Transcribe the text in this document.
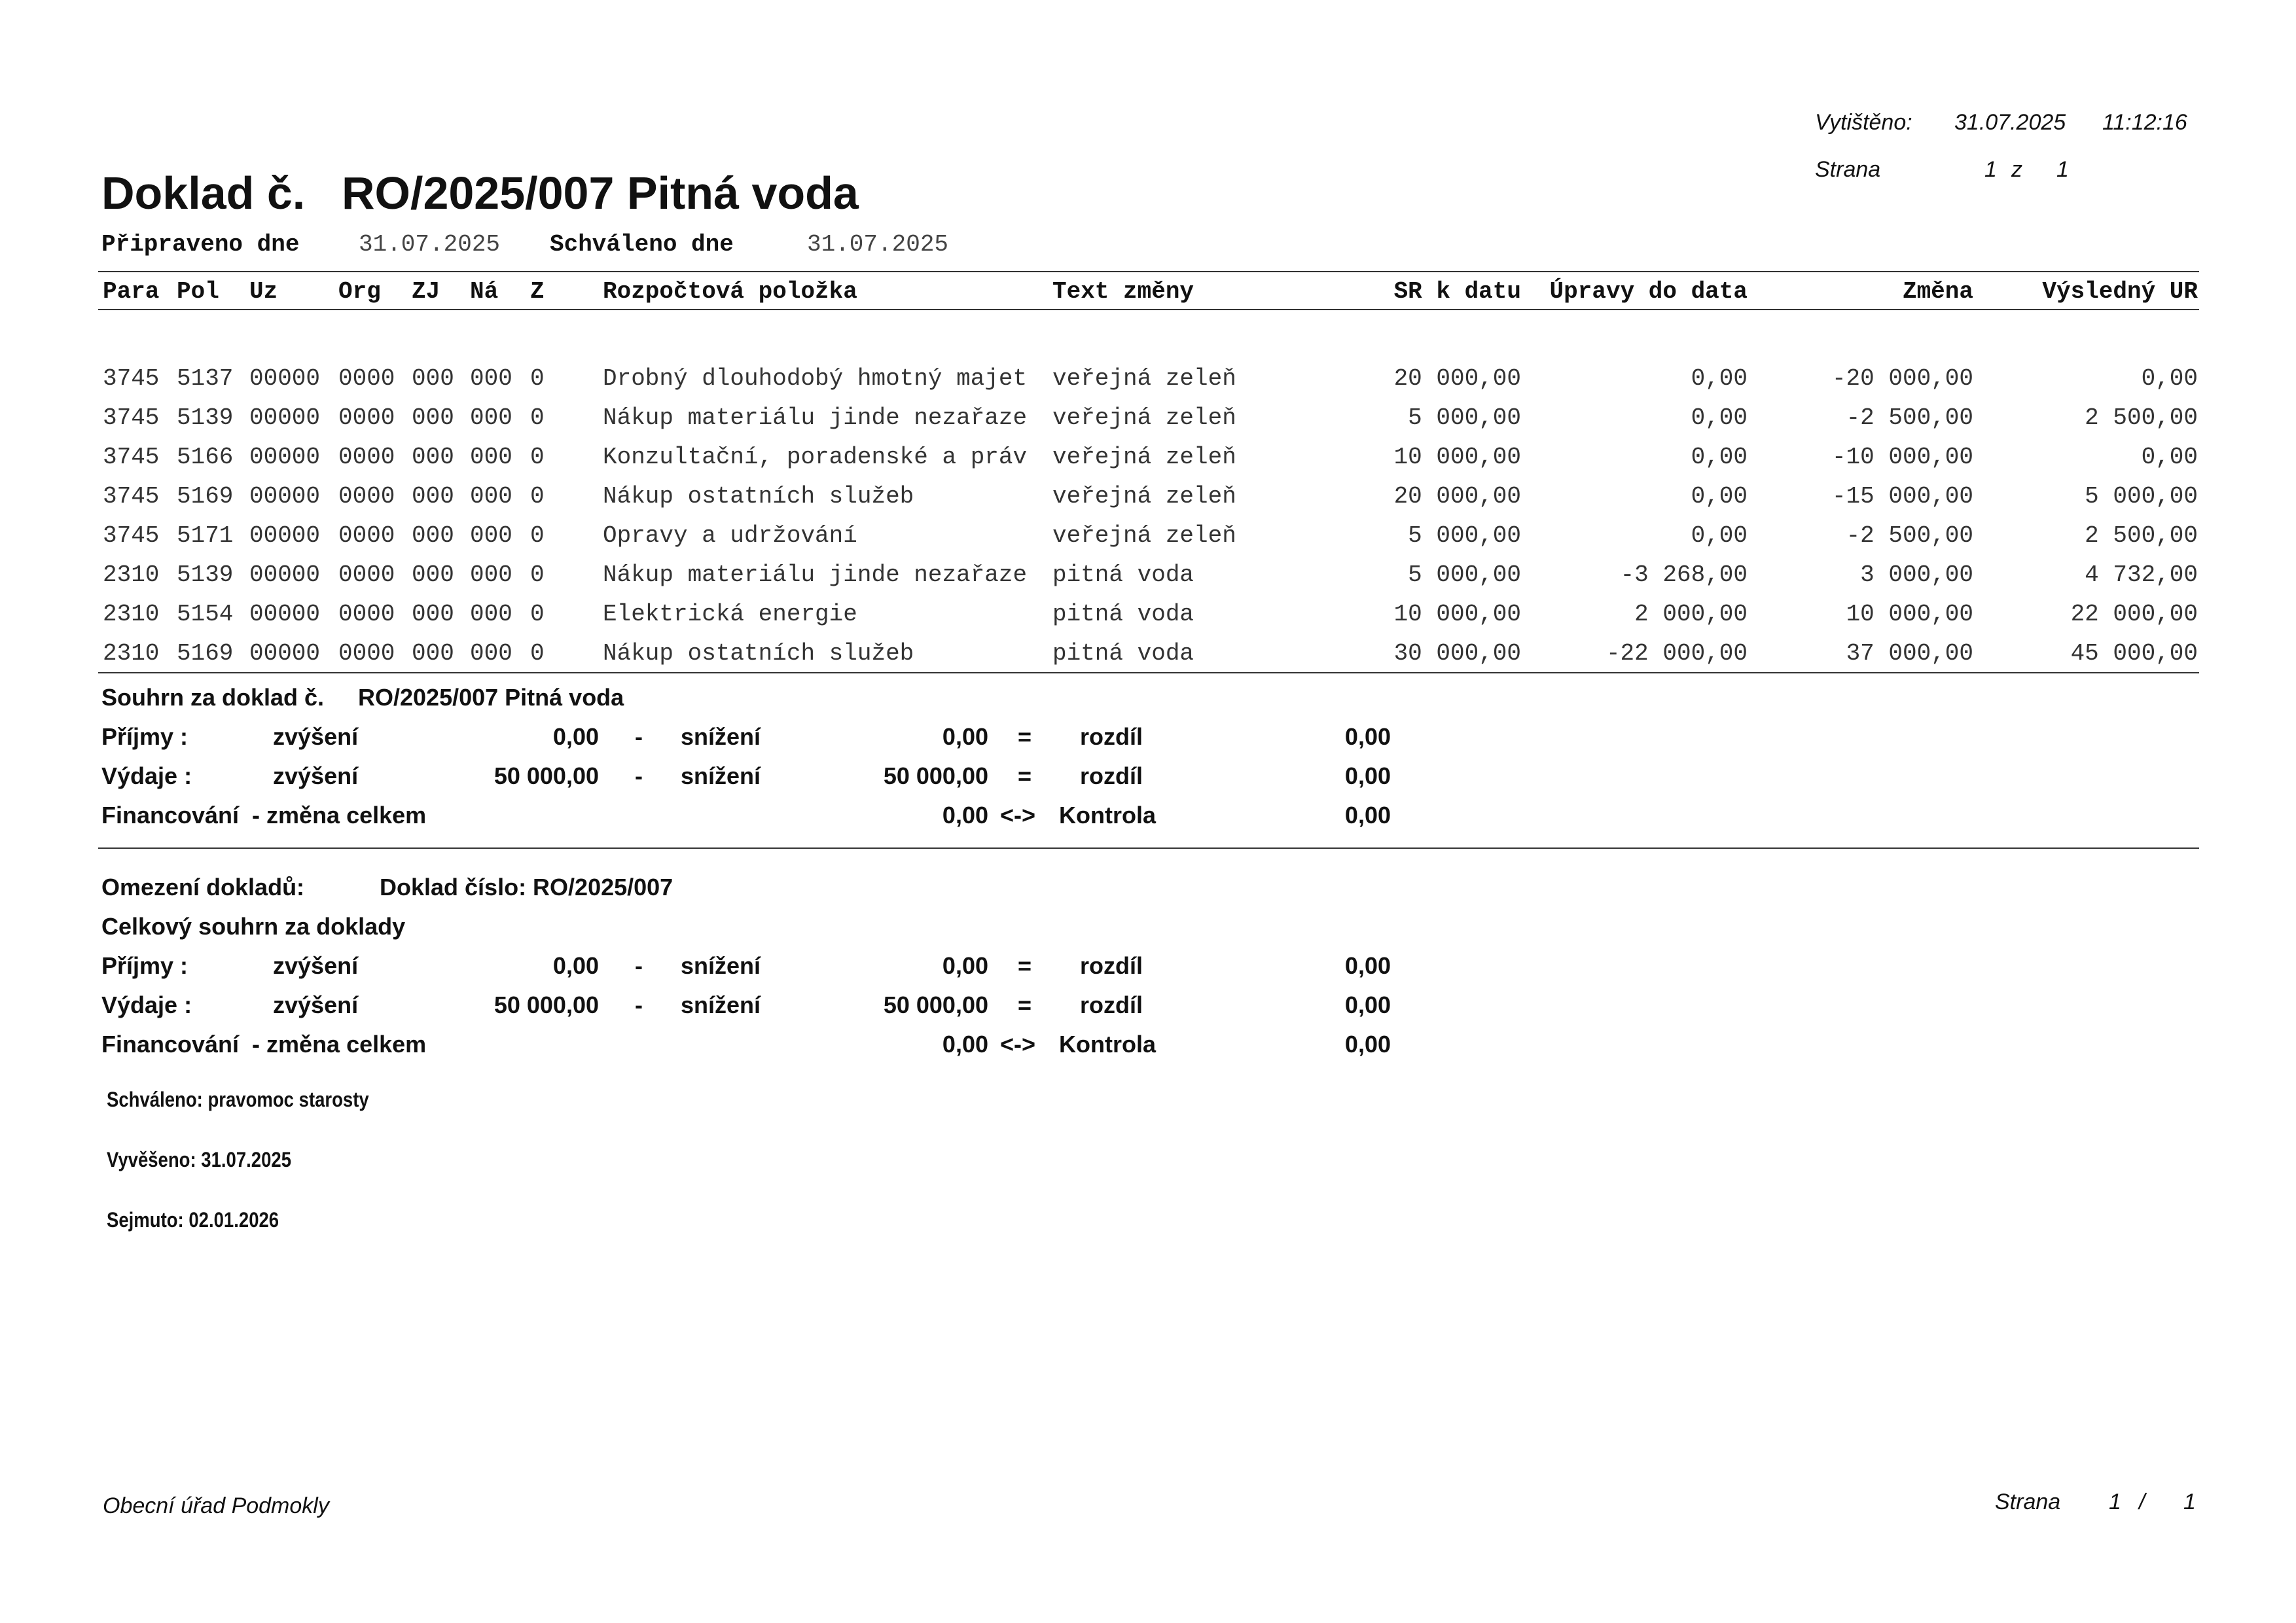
Vytištěno: 31.07.2025 11:12:16
Strana	1 z 1
Doklad č. RO/2025/007 Pitná voda
Připraveno dne	31.07.2025 Schváleno dne	31.07.2025
Para Pol Uz	Org ZJ Ná Z Rozpočtová položka	Text změny	SR k datu	Úpravy do data	Změna	Výsledný UR
3745 5137 00000 0000 000 000 0 Drobný dlouhodobý hmotný majet veřejná zeleň	20 000,00	0,00	-20 000,00	0,00
3745 5139 00000 0000 000 000 0 Nákup materiálu jinde nezařaze veřejná zeleň	5 000,00	0,00	-2 500,00	2 500,00
3745 5166 00000 0000 000 000 0 Konzultační, poradenské a práv veřejná zeleň	10 000,00	0,00	-10 000,00	0,00
3745 5169 00000 0000 000 000 0 Nákup ostatních služeb	veřejná zeleň	20 000,00	0,00	-15 000,00	5 000,00
3745 5171 00000 0000 000 000 0 Opravy a udržování	veřejná zeleň	5 000,00	0,00	-2 500,00	2 500,00
2310 5139 00000 0000 000 000 0 Nákup materiálu jinde nezařaze pitná voda	5 000,00	-3 268,00	3 000,00	4 732,00
2310 5154 00000 0000 000 000 0 Elektrická energie	pitná voda	10 000,00	2 000,00	10 000,00	22 000,00
2310 5169 00000 0000 000 000 0 Nákup ostatních služeb	pitná voda	30 000,00	-22 000,00	37 000,00	45 000,00
Souhrn za doklad č. RO/2025/007 Pitná voda
Příjmy :	zvýšení	0,00 - snížení	0,00 = rozdíl	0,00
Výdaje :	zvýšení	50 000,00 - snížení	50 000,00 = rozdíl	0,00
Financování  - změna celkem	0,00 <-> Kontrola	0,00
Omezení dokladů:	Doklad číslo: RO/2025/007
Celkový souhrn za doklady
Příjmy :	zvýšení	0,00 - snížení	0,00 = rozdíl	0,00
Výdaje :	zvýšení	50 000,00 - snížení	50 000,00 = rozdíl	0,00
Financování  - změna celkem	0,00 <-> Kontrola	0,00
Schváleno: pravomoc starosty
Vyvěšeno: 31.07.2025
Sejmuto: 02.01.2026
Obecní úřad Podmokly	Strana 1 / 1
